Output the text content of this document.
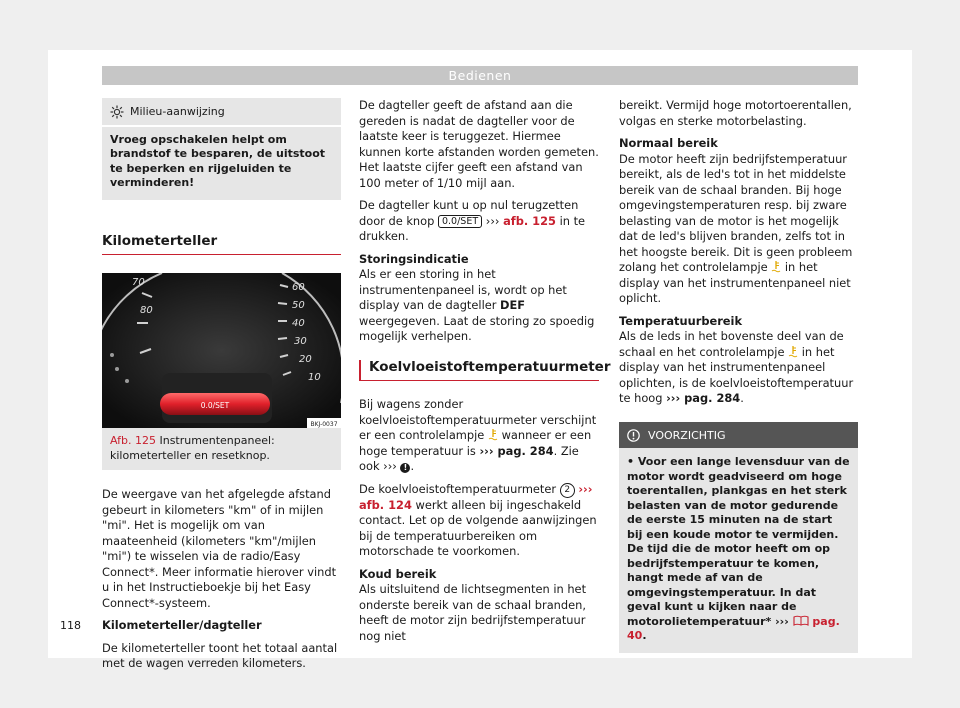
Bedienen
Milieu-aanwijzing
Vroeg opschakelen helpt om brandstof te besparen, de uitstoot te beperken en rijgeluiden te verminderen!
Kilometerteller
0.0/SET
70
80
60
50
40
30
20
10
BKJ-0037
Afb. 125 Instrumentenpaneel: kilometerteller en resetknop.

De weergave van het afgelegde afstand gebeurt in kilometers "km" of in mijlen "mi". Het is mogelijk om van maateenheid (kilometers "km"/mijlen "mi") te wisselen via de radio/Easy Connect*. Meer informatie hierover vindt u in het Instructieboekje bij het Easy Connect*-systeem.

Kilometerteller/dagteller

De kilometerteller toont het totaal aantal met de wagen verreden kilometers.

De dagteller geeft de afstand aan die gereden is nadat de dagteller voor de laatste keer is teruggezet. Hiermee kunnen korte afstanden worden gemeten. Het laatste cijfer geeft een afstand van 100 meter of 1/10 mijl aan.

De dagteller kunt u op nul terugzetten door de knop 0.0/SET ››› afb. 125 in te drukken.

Storingsindicatie

Als er een storing in het instrumentenpaneel is, wordt op het display van de dagteller DEF weergegeven. Laat de storing zo spoedig mogelijk verhelpen.

Koelvloeistoftemperatuurmeter

Bij wagens zonder koelvloeistoftemperatuurmeter verschijnt er een controlelampje wanneer er een hoge temperatuur is ››› pag. 284. Zie ook ››› ! .

De koelvloeistoftemperatuurmeter 2 ››› afb. 124 werkt alleen bij ingeschakeld contact. Let op de volgende aanwijzingen bij de temperatuurbereiken om motorschade te voorkomen.

Koud bereik

Als uitsluitend de lichtsegmenten in het onderste bereik van de schaal branden, heeft de motor zijn bedrijfstemperatuur nog niet

bereikt. Vermijd hoge motortoerentallen, volgas en sterke motorbelasting.

Normaal bereik

De motor heeft zijn bedrijfstemperatuur bereikt, als de led's tot in het middelste bereik van de schaal branden. Bij hoge omgevingstemperaturen resp. bij zware belasting van de motor is het mogelijk dat de led's blijven branden, zelfs tot in het hoogste bereik. Dit is geen probleem zolang het controlelampje in het display van het instrumentenpaneel niet oplicht.

Temperatuurbereik

Als de leds in het bovenste deel van de schaal en het controlelampje in het display van het instrumentenpaneel oplichten, is de koelvloeistoftemperatuur te hoog ››› pag. 284.

VOORZICHTIG
• Voor een lange levensduur van de motor wordt geadviseerd om hoge toerentallen, plankgas en het sterk belasten van de motor gedurende de eerste 15 minuten na de start bij een koude motor te vermijden. De tijd die de motor heeft om op bedrijfstemperatuur te komen, hangt mede af van de omgevingstemperatuur. In dat geval kunt u kijken naar de motorolietemperatuur* ››› pag. 40.
118
